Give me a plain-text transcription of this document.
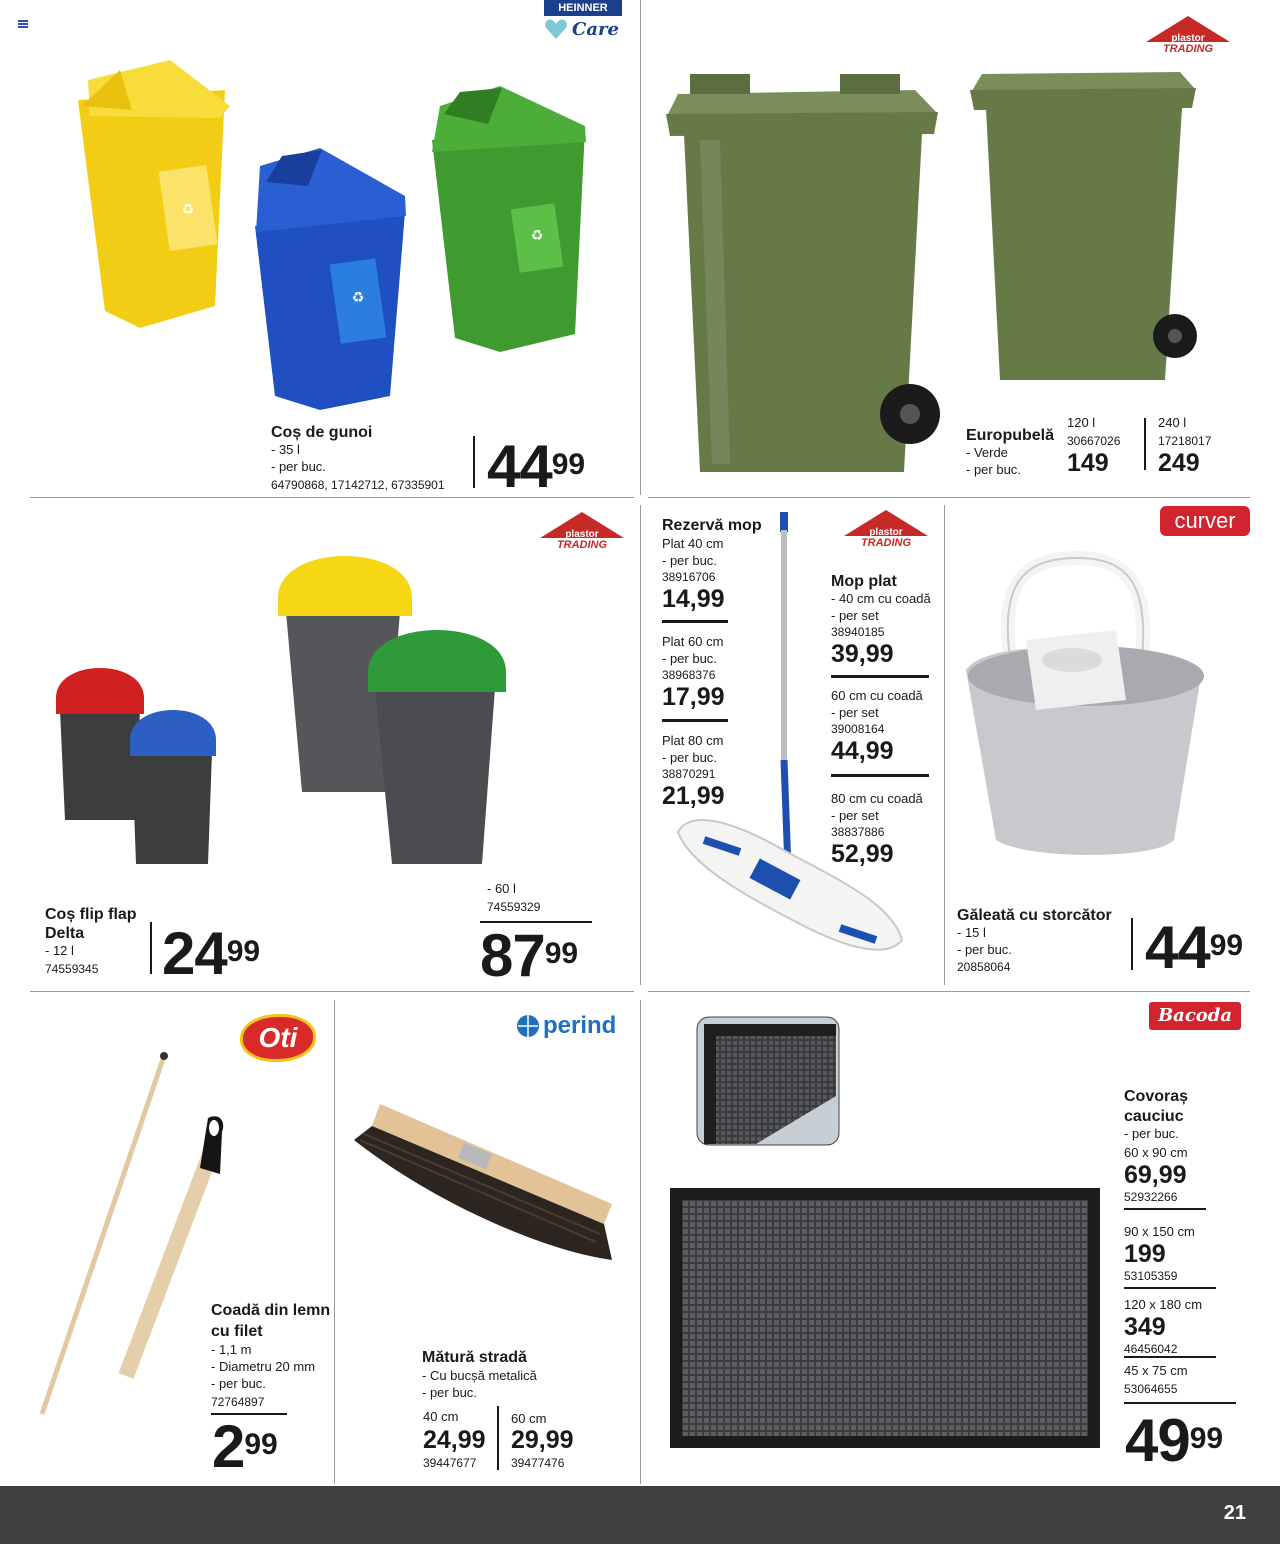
HEINNER
Care
♻
♻
♻
Coș de gunoi
- 35 l
- per buc.
64790868, 17142712, 67335901 $44^{99}$
plastor
TRADING
Europubelă
- Verde
- per buc.
120 l
30667026
149
240 l
17218017
249
plastor
TRADING
Coș flip flap
Delta
- 12 l
74559345 $24^{99}$
- 60 l
74559329
$87^{99}$
plastor
TRADING
Rezervă mop
Plat 40 cm
- per buc.
38916706
14,99
Plat 60 cm
- per buc.
38968376
17,99
Plat 80 cm
- per buc.
38870291
21,99
Mop plat
- 40 cm cu coadă
- per set
38940185
39,99
60 cm cu coadă
- per set
39008164
44,99
80 cm cu coadă
- per set
38837886
52,99
curver
Găleată cu storcător
- 15 l
- per buc.
20858064 $44^{99}$
Oti
Coadă din lemn
cu filet
- 1,1 m
- Diametru 20 mm
- per buc.
72764897
$2^{99}$
perind
Mătură stradă
- Cu bucșă metalică
- per buc.
40 cm
24,99
39447677
60 cm
29,99
39477476
Bacoda
Covoraș
cauciuc
- per buc.
60 x 90 cm
69,99
52932266
90 x 150 cm
199
53105359
120 x 180 cm
349
46456042
45 x 75 cm
53064655
$49^{99}$
21
